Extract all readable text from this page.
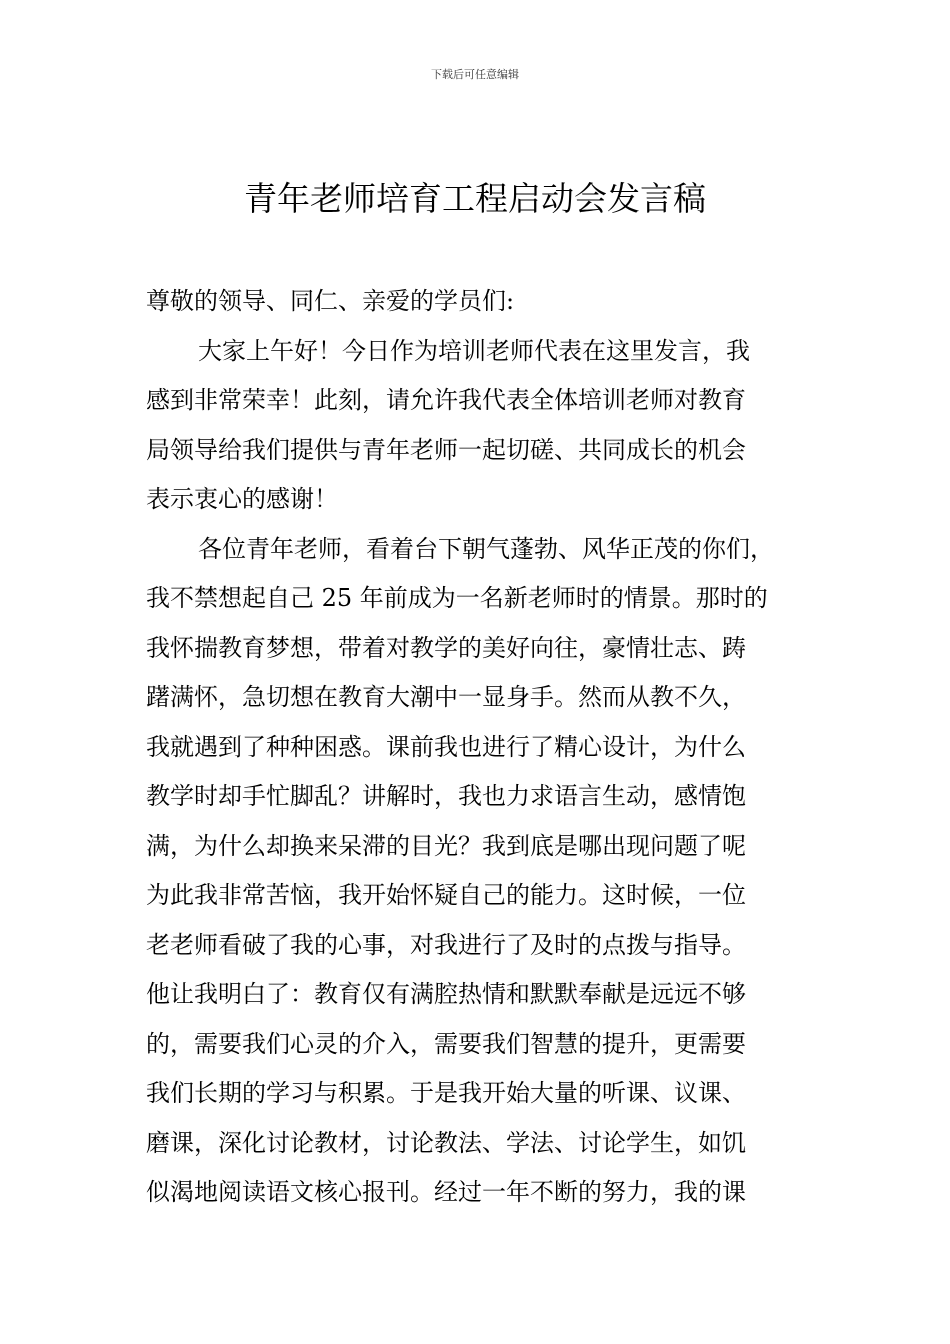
下载后可任意编辑
青年老师培育工程启动会发言稿
尊敬的领导、同仁、亲爱的学员们:
大家上午好！今日作为培训老师代表在这里发言，我
感到非常荣幸！此刻，请允许我代表全体培训老师对教育
局领导给我们提供与青年老师一起切磋、共同成长的机会
表示衷心的感谢！
各位青年老师，看着台下朝气蓬勃、风华正茂的你们，
我不禁想起自己 25 年前成为一名新老师时的情景。那时的
我怀揣教育梦想，带着对教学的美好向往，豪情壮志、踌
躇满怀，急切想在教育大潮中一显身手。然而从教不久，
我就遇到了种种困惑。课前我也进行了精心设计，为什么
教学时却手忙脚乱？讲解时，我也力求语言生动，感情饱
满，为什么却换来呆滞的目光？我到底是哪出现问题了呢
为此我非常苦恼，我开始怀疑自己的能力。这时候，一位
老老师看破了我的心事，对我进行了及时的点拨与指导。
他让我明白了：教育仅有满腔热情和默默奉献是远远不够
的，需要我们心灵的介入，需要我们智慧的提升，更需要
我们长期的学习与积累。于是我开始大量的听课、议课、
磨课，深化讨论教材，讨论教法、学法、讨论学生，如饥
似渴地阅读语文核心报刊。经过一年不断的努力，我的课
